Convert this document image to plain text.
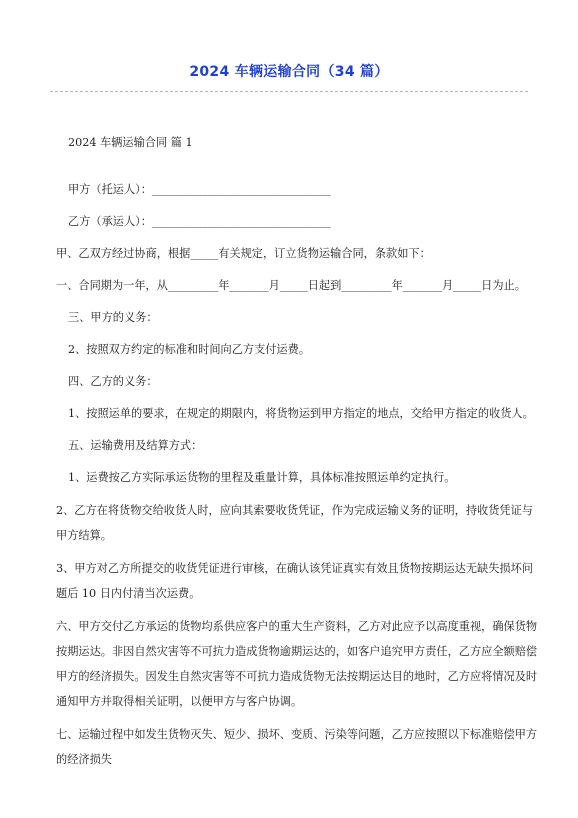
2024 车辆运输合同（34 篇）

2024 车辆运输合同 篇 1

甲方（托运人）：________________________________

乙方（承运人）：________________________________

甲、乙双方经过协商，根据_____有关规定，订立货物运输合同，条款如下：

一、合同期为一年，从_________年_______月_____日起到_________年_______月_____日为止。

三、甲方的义务：

2、按照双方约定的标准和时间向乙方支付运费。

四、乙方的义务：

1、按照运单的要求，在规定的期限内，将货物运到甲方指定的地点，交给甲方指定的收货人。

五、运输费用及结算方式：

1、运费按乙方实际承运货物的里程及重量计算，具体标准按照运单约定执行。

2、乙方在将货物交给收货人时，应向其索要收货凭证，作为完成运输义务的证明，持收货凭证与甲方结算。

3、甲方对乙方所提交的收货凭证进行审核，在确认该凭证真实有效且货物按期运达无缺失损坏问题后 10 日内付清当次运费。

六、甲方交付乙方承运的货物均系供应客户的重大生产资料，乙方对此应予以高度重视，确保货物按期运达。非因自然灾害等不可抗力造成货物逾期运达的，如客户追究甲方责任，乙方应全额赔偿甲方的经济损失。因发生自然灾害等不可抗力造成货物无法按期运达目的地时，乙方应将情况及时通知甲方并取得相关证明，以便甲方与客户协调。

七、运输过程中如发生货物灭失、短少、损坏、变质、污染等问题，乙方应按照以下标准赔偿甲方的经济损失
